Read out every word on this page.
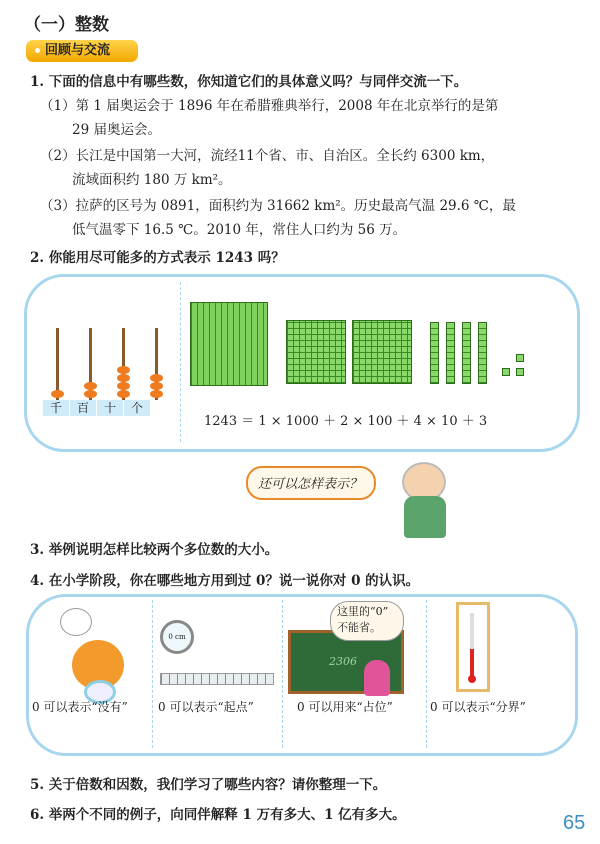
（一）整数
回顾与交流
1. 下面的信息中有哪些数，你知道它们的具体意义吗？与同伴交流一下。
（1）第 1 届奥运会于 1896 年在希腊雅典举行，2008 年在北京举行的是第
29 届奥运会。
（2）长江是中国第一大河，流经11个省、市、自治区。全长约 6300 km，
流域面积约 180 万 km²。
（3）拉萨的区号为 0891，面积约为 31662 km²。历史最高气温 29.6 ℃，最
低气温零下 16.5 ℃。2010 年，常住人口约为 56 万。
2. 你能用尽可能多的方式表示 1243 吗？
千	百	十	个
1243 ＝ 1 × 1000 ＋ 2 × 100 ＋ 4 × 10 ＋ 3
还可以怎样表示？
3. 举例说明怎样比较两个多位数的大小。
4. 在小学阶段，你在哪些地方用到过 0？说一说你对 0 的认识。
0 cm
2306
这里的“0”
不能省。
0 可以表示“没有”	0 可以表示“起点”	0 可以用来“占位”	0 可以表示“分界”
5. 关于倍数和因数，我们学习了哪些内容？请你整理一下。
6. 举两个不同的例子，向同伴解释 1 万有多大、1 亿有多大。	65
